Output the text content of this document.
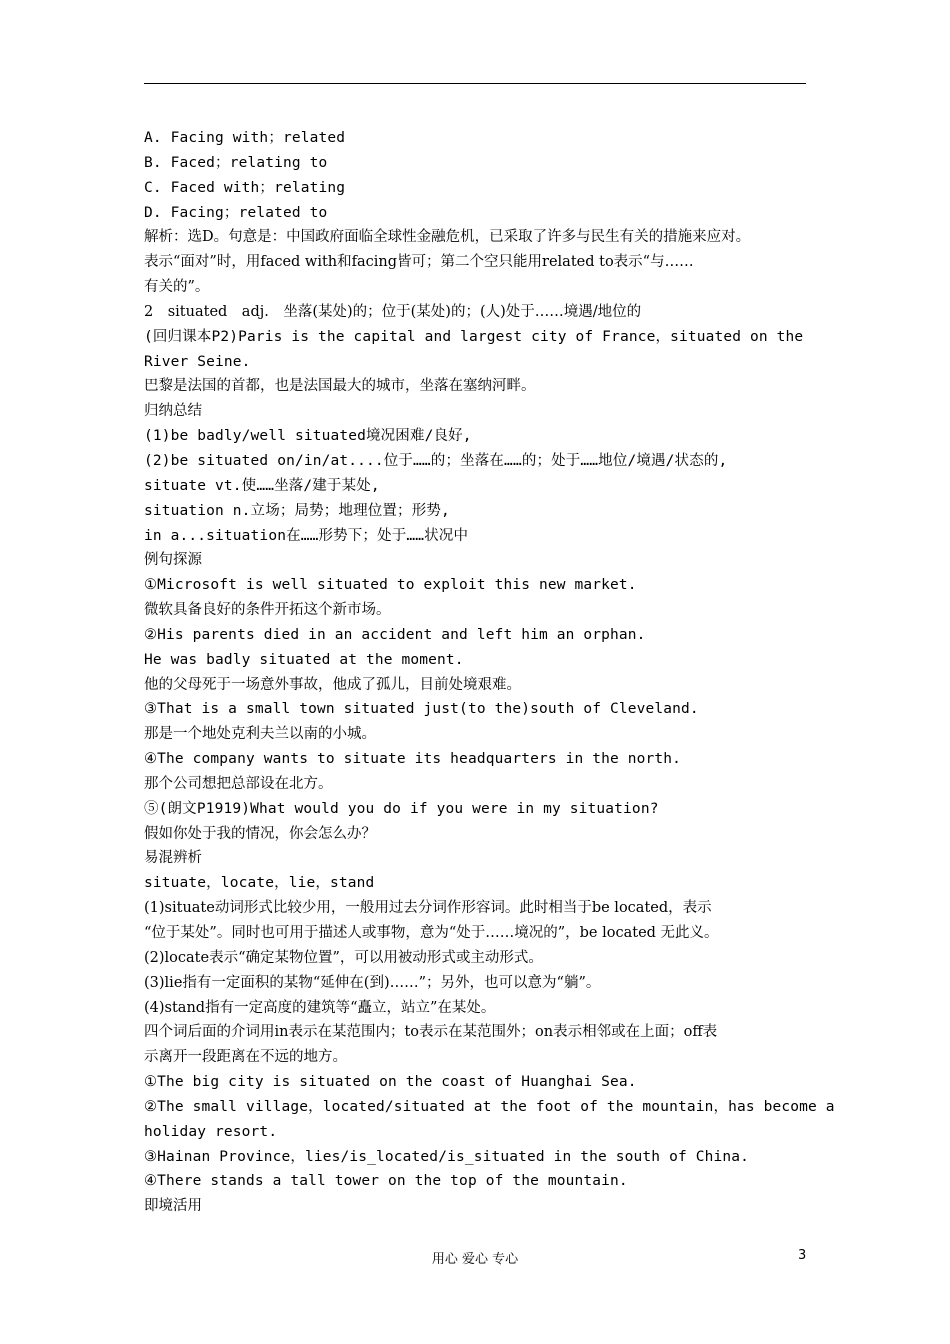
A. Facing with；related
B. Faced；relating to
C. Faced with；relating
D. Facing；related to
解析：选D。句意是：中国政府面临全球性金融危机，已采取了许多与民生有关的措施来应对。
表示“面对”时，用faced with和facing皆可；第二个空只能用related to表示“与……
有关的”。
2　situated　adj.　坐落(某处)的；位于(某处)的；(人)处于……境遇/地位的
(回归课本P2)Paris is the capital and largest city of France，situated on the
River Seine.
巴黎是法国的首都，也是法国最大的城市，坐落在塞纳河畔。
归纳总结
(1)be badly/well situated境况困难/良好,
(2)be situated on/in/at....位于……的；坐落在……的；处于……地位/境遇/状态的,
situate vt.使……坐落/建于某处,
situation n.立场；局势；地理位置；形势,
in a...situation在……形势下；处于……状况中
例句探源
①Microsoft is well situated to exploit this new market.
微软具备良好的条件开拓这个新市场。
②His parents died in an accident and left him an orphan.
He was badly situated at the moment.
他的父母死于一场意外事故，他成了孤儿，目前处境艰难。
③That is a small town situated just(to the)south of Cleveland.
那是一个地处克利夫兰以南的小城。
④The company wants to situate its headquarters in the north.
那个公司想把总部设在北方。
⑤(朗文P1919)What would you do if you were in my situation?
假如你处于我的情况，你会怎么办？
易混辨析
situate，locate，lie，stand
(1)situate动词形式比较少用，一般用过去分词作形容词。此时相当于be located，表示
“位于某处”。同时也可用于描述人或事物，意为“处于……境况的”，be located 无此义。
(2)locate表示“确定某物位置”，可以用被动形式或主动形式。
(3)lie指有一定面积的某物“延伸在(到)……”；另外，也可以意为“躺”。
(4)stand指有一定高度的建筑等“矗立，站立”在某处。
四个词后面的介词用in表示在某范围内；to表示在某范围外；on表示相邻或在上面；off表
示离开一段距离在不远的地方。
①The big city is situated on the coast of Huanghai Sea.
②The small village，located/situated at the foot of the mountain，has become a
holiday resort.
③Hainan Province，lies/is_located/is_situated in the south of China.
④There stands a tall tower on the top of the mountain.
即境活用
用心 爱心 专心	3
